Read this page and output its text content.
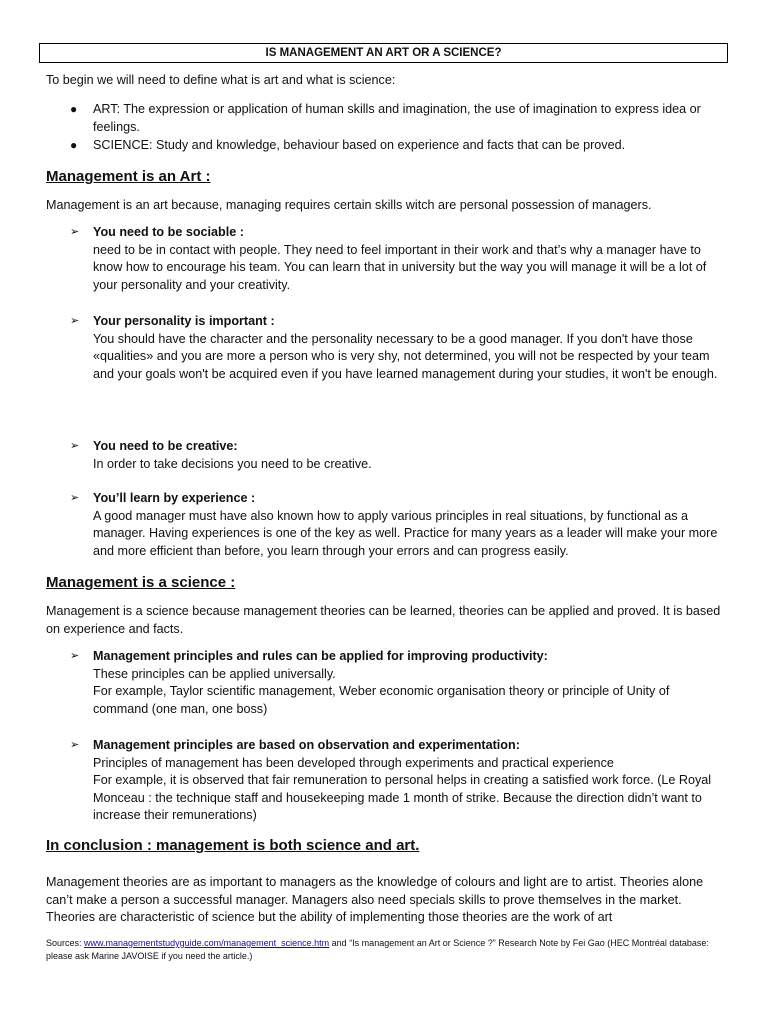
IS MANAGEMENT AN ART OR A SCIENCE?
To begin we will need to define what is art and what is science:
● ART: The expression or application of human skills and imagination, the use of imagination to express idea or feelings.
● SCIENCE: Study and knowledge, behaviour based on experience and facts that can be proved.
Management is an Art :
Management is an art because, managing requires certain skills witch are personal possession of managers.
➢ You need to be sociable :
need to be in contact with people. They need to feel important in their work and that’s why a manager have to know how to encourage his team. You can learn that in university but the way you will manage it will be a lot of your personality and your creativity.
➢ Your personality is important :
You should have the character and the personality necessary to be a good manager. If you don't have those «qualities» and you are more a person who is very shy, not determined, you will not be respected by your team and your goals won't be acquired even if you have learned management during your studies, it won't be enough.
➢ You need to be creative:
In order to take decisions you need to be creative.
➢ You’ll learn by experience :
A good manager must have also known how to apply various principles in real situations, by functional as a manager. Having experiences is one of the key as well. Practice for many years as a leader will make your more and more efficient than before, you learn through your errors and can progress easily.
Management is a science :
Management is a science because management theories can be learned, theories can be applied and proved. It is based on experience and facts.
➢ Management principles and rules can be applied for improving productivity:
These principles can be applied universally.
For example, Taylor scientific management, Weber economic organisation theory or principle of Unity of command (one man, one boss)
➢ Management principles are based on observation and experimentation:
Principles of management has been developed through experiments and practical experience
For example, it is observed that fair remuneration to personal helps in creating a satisfied work force. (Le Royal Monceau : the technique staff and housekeeping made 1 month of strike. Because the direction didn’t want to increase their remunerations)
In conclusion : management is both science and art.
Management theories are as important to managers as the knowledge of colours and light are to artist. Theories alone can’t make a person a successful manager. Managers also need specials skills to prove themselves in the market. Theories are characteristic of science but the ability of implementing those theories are the work of art
Sources: www.managementstudyguide.com/management_science.htm and “Is management an Art or Science ?” Research Note by Fei Gao (HEC Montréal database: please ask Marine JAVOISE if you need the article.)
